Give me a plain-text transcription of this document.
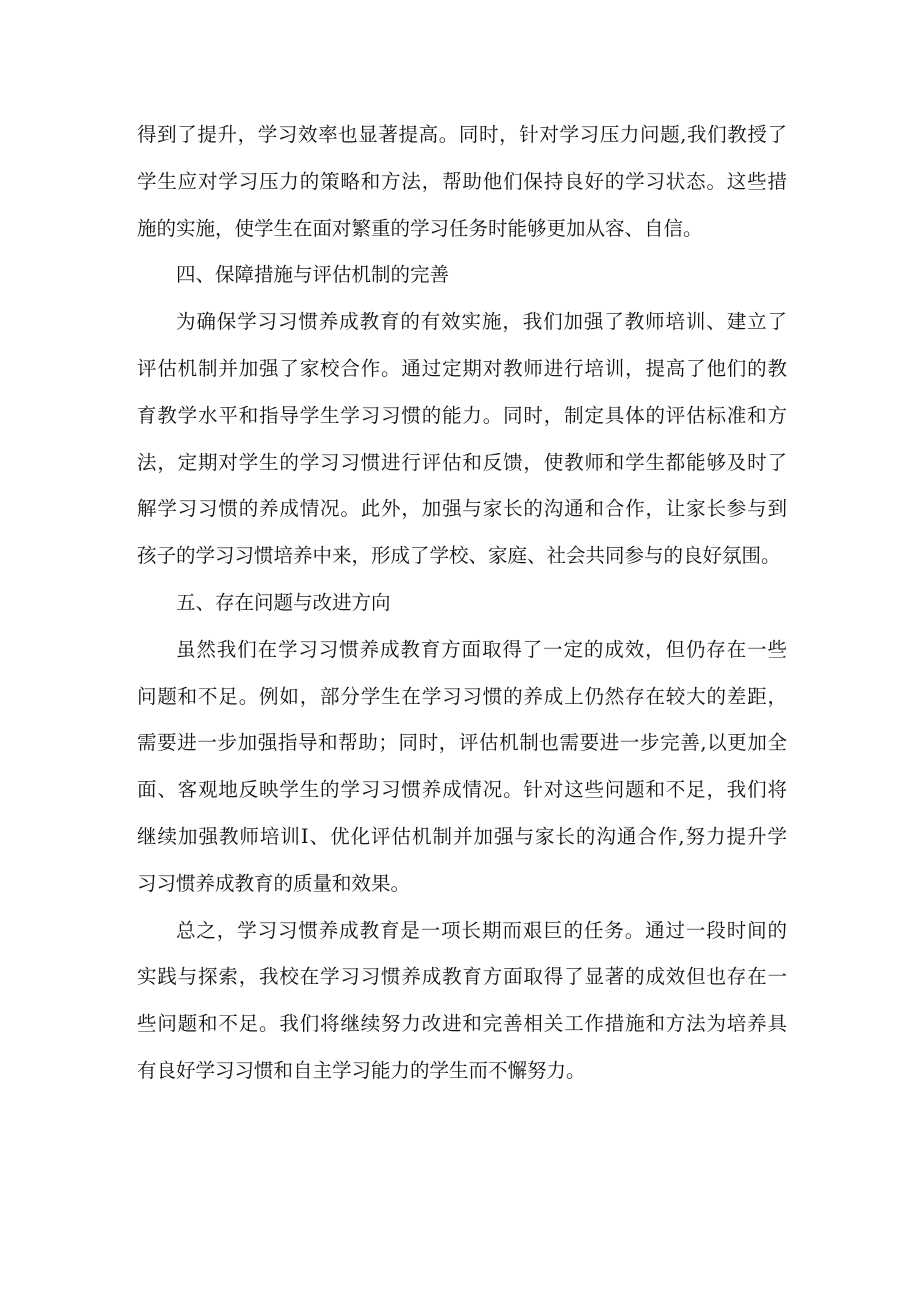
得到了提升，学习效率也显著提高。同时，针对学习压力问题,我们教授了
学生应对学习压力的策略和方法，帮助他们保持良好的学习状态。这些措
施的实施，使学生在面对繁重的学习任务时能够更加从容、自信。
四、保障措施与评估机制的完善
为确保学习习惯养成教育的有效实施，我们加强了教师培训、建立了
评估机制并加强了家校合作。通过定期对教师进行培训，提高了他们的教
育教学水平和指导学生学习习惯的能力。同时，制定具体的评估标准和方
法，定期对学生的学习习惯进行评估和反馈，使教师和学生都能够及时了
解学习习惯的养成情况。此外，加强与家长的沟通和合作，让家长参与到
孩子的学习习惯培养中来，形成了学校、家庭、社会共同参与的良好氛围。
五、存在问题与改进方向
虽然我们在学习习惯养成教育方面取得了一定的成效，但仍存在一些
问题和不足。例如，部分学生在学习习惯的养成上仍然存在较大的差距，
需要进一步加强指导和帮助；同时，评估机制也需要进一步完善,以更加全
面、客观地反映学生的学习习惯养成情况。针对这些问题和不足，我们将
继续加强教师培训I、优化评估机制并加强与家长的沟通合作,努力提升学
习习惯养成教育的质量和效果。
总之，学习习惯养成教育是一项长期而艰巨的任务。通过一段时间的
实践与探索，我校在学习习惯养成教育方面取得了显著的成效但也存在一
些问题和不足。我们将继续努力改进和完善相关工作措施和方法为培养具
有良好学习习惯和自主学习能力的学生而不懈努力。
